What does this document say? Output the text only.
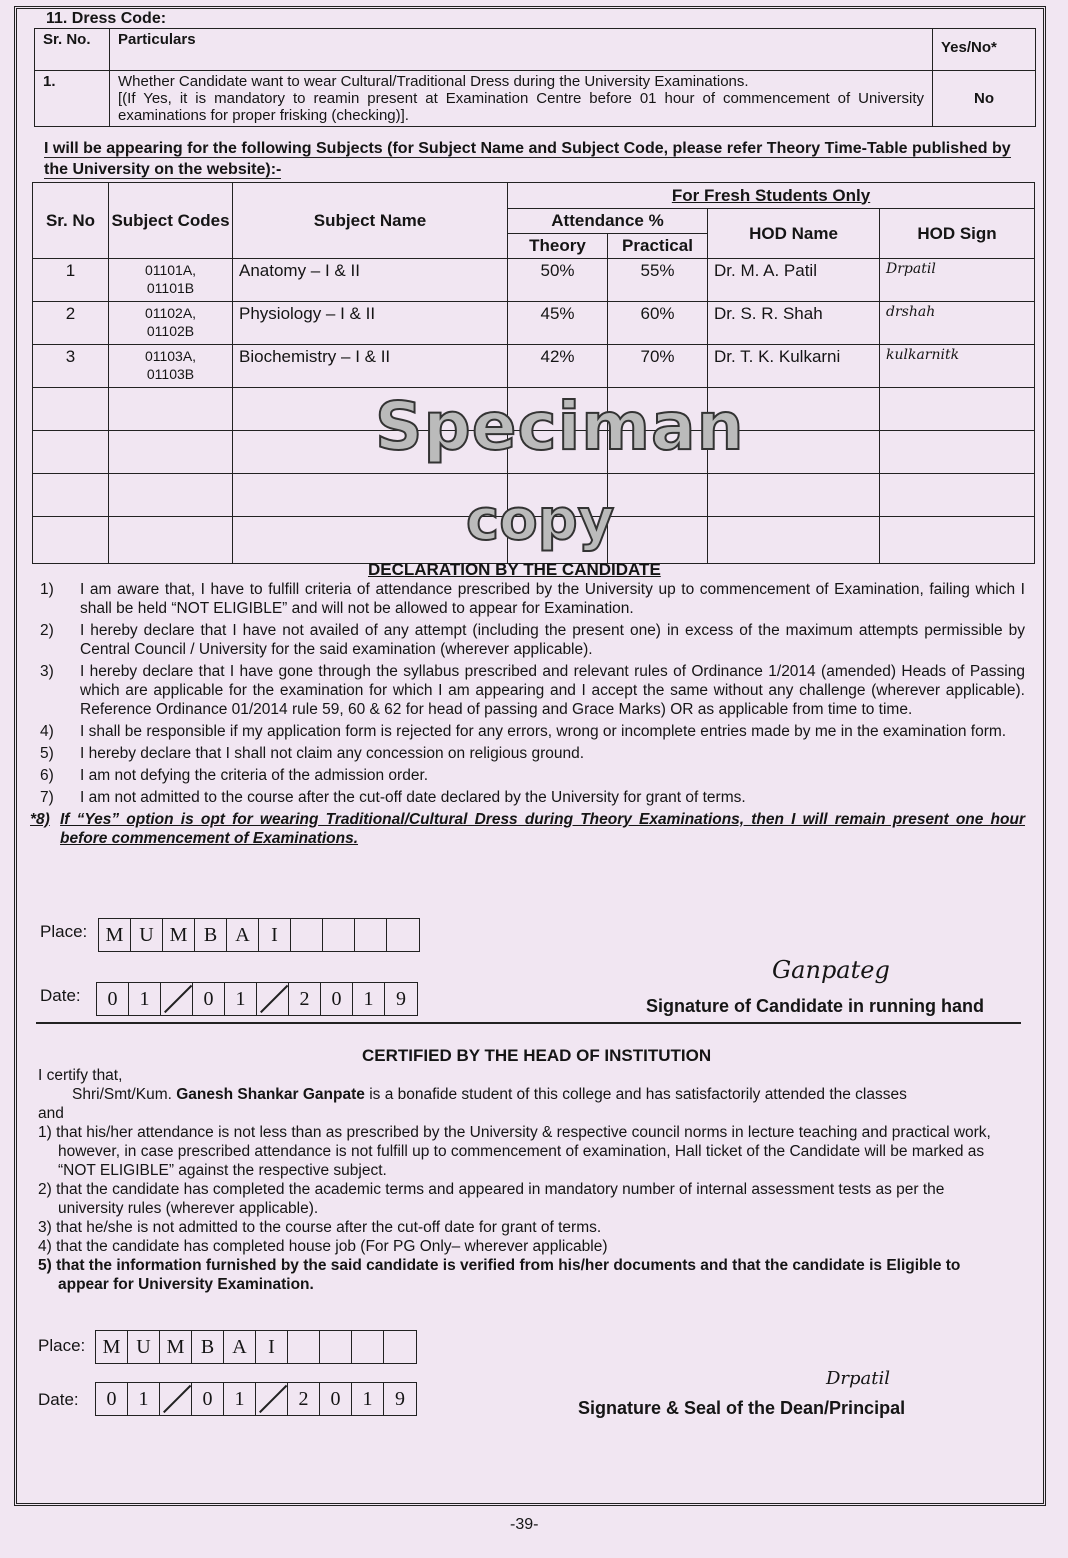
11. Dress Code:
Sr. No.	Particulars	Yes/No*
1.	Whether Candidate want to wear Cultural/Traditional Dress during the University Examinations.
[(If Yes, it is mandatory to reamin present at Examination Centre before 01 hour of commencement of University examinations for proper frisking (checking)].	No
I will be appearing for the following Subjects (for Subject Name and Subject Code, please refer Theory Time-Table published by the University on the website):-
Sr. No	Subject Codes	Subject Name	For Fresh Students Only			
			Attendance %		HOD Name	HOD Sign
			Theory	Practical		
1	01101A,
01101B	Anatomy – I & II	50%	55%	Dr. M. A. Patil	Drpatil
2	01102A,
01102B	Physiology – I & II	45%	60%	Dr. S. R. Shah	drshah
3	01103A,
01103B	Biochemistry – I & II	42%	70%	Dr. T. K. Kulkarni	kulkarnitk

Speciman
copy
DECLARATION BY THE CANDIDATE
1)	I am aware that, I have to fulfill criteria of attendance prescribed by the University up to commencement of Examination, failing which I shall be held “NOT ELIGIBLE” and will not be allowed to appear for Examination.
2)	I hereby declare that I have not availed of any attempt (including the present one) in excess of the maximum attempts permissible by Central Council / University for the said examination (wherever applicable).
3)	I hereby declare that I have gone through the syllabus prescribed and relevant rules of Ordinance 1/2014 (amended) Heads of Passing which are applicable for the examination for which I am appearing and I accept the same without any challenge (wherever applicable). Reference Ordinance 01/2014 rule 59, 60 & 62 for head of passing and Grace Marks) OR as applicable from time to time.
4)	I shall be responsible if my application form is rejected for any errors, wrong or incomplete entries made by me in the examination form.
5)	I hereby declare that I shall not claim any concession on religious ground.
6)	I am not defying the criteria of the admission order.
7)	I am not admitted to the course after the cut-off date declared by the University for grant of terms.
*8) If “Yes” option is opt for wearing Traditional/Cultural Dress during Theory Examinations, then I will remain present one hour before commencement of Examinations.
Place: M U M B A	I
Date:	0	1	0	1	2	0	1	9
Ganpateg
Signature of Candidate in running hand
CERTIFIED BY THE HEAD OF INSTITUTION
I certify that,
Shri/Smt/Kum. Ganesh Shankar Ganpate is a bonafide student of this college and has satisfactorily attended the classes
and
1) that his/her attendance is not less than as prescribed by the University & respective council norms in lecture teaching and practical work, however, in case prescribed attendance is not fulfill up to commencement of examination, Hall ticket of the Candidate will be marked as “NOT ELIGIBLE” against the respective subject.
2) that the candidate has completed the academic terms and appeared in mandatory number of internal assessment tests as per the university rules (wherever applicable).
3) that he/she is not admitted to the course after the cut-off date for grant of terms.
4) that the candidate has completed house job (For PG Only– wherever applicable)
5) that the information furnished by the said candidate is verified from his/her documents and that the candidate is Eligible to appear for University Examination.
Place: M U M B A	I
Date:	0	1	0	1	2	0	1	9
Drpatil
Signature & Seal of the Dean/Principal
-39-
